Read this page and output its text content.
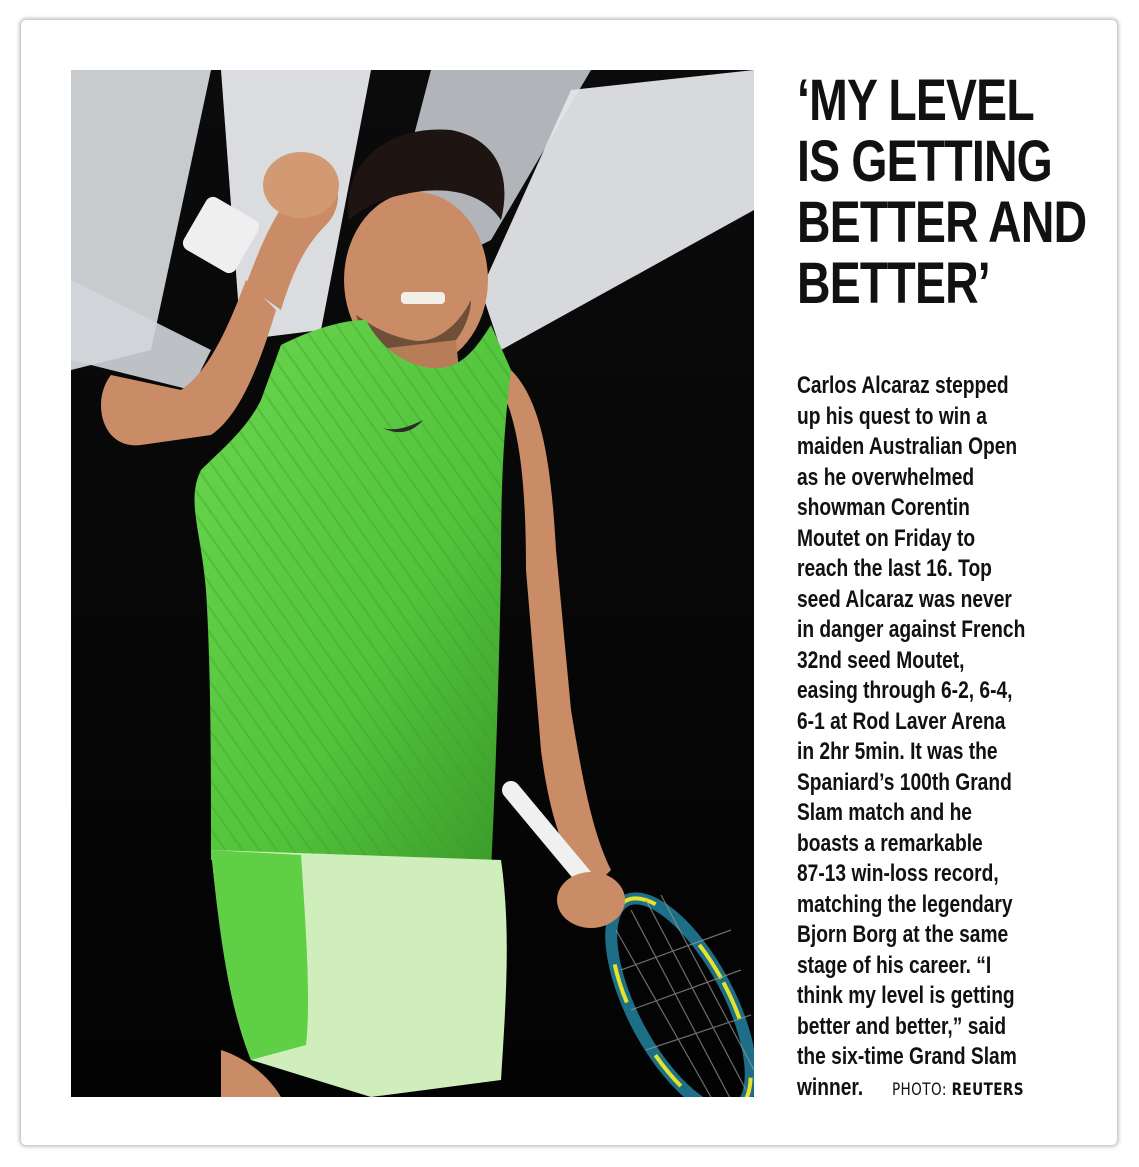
‘MY LEVEL
IS GETTING
BETTER AND
BETTER’
Carlos Alcaraz stepped
up his quest to win a
maiden Australian Open
as he overwhelmed
showman Corentin
Moutet on Friday to
reach the last 16. Top
seed Alcaraz was never
in danger against French
32nd seed Moutet,
easing through 6-2, 6-4,
6-1 at Rod Laver Arena
in 2hr 5min. It was the
Spaniard’s 100th Grand
Slam match and he
boasts a remarkable
87-13 win-loss record,
matching the legendary
Bjorn Borg at the same
stage of his career. “I
think my level is getting
better and better,” said
the six-time Grand Slam
winner. PHOTO: REUTERS
